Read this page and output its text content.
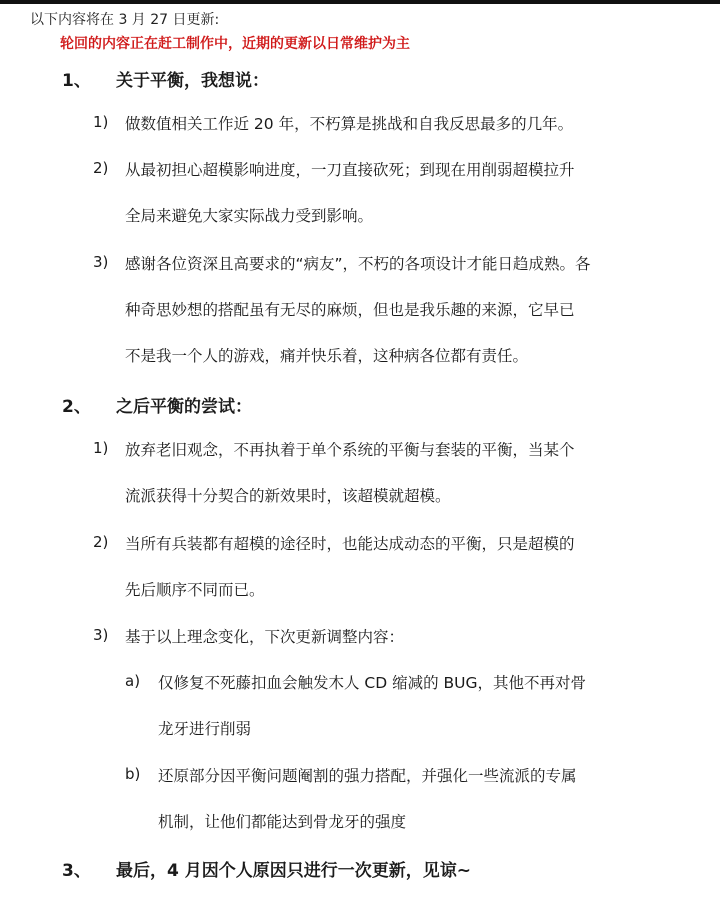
以下内容将在 3 月 27 日更新:
轮回的内容正在赶工制作中，近期的更新以日常维护为主
1、 关于平衡，我想说：
1) 做数值相关工作近 20 年，不朽算是挑战和自我反思最多的几年。
2) 从最初担心超模影响进度，一刀直接砍死；到现在用削弱超模拉升
全局来避免大家实际战力受到影响。
3) 感谢各位资深且高要求的“病友”，不朽的各项设计才能日趋成熟。各
种奇思妙想的搭配虽有无尽的麻烦，但也是我乐趣的来源，它早已
不是我一个人的游戏，痛并快乐着，这种病各位都有责任。
2、 之后平衡的尝试：
1) 放弃老旧观念，不再执着于单个系统的平衡与套装的平衡，当某个
流派获得十分契合的新效果时，该超模就超模。
2) 当所有兵装都有超模的途径时，也能达成动态的平衡，只是超模的
先后顺序不同而已。
3) 基于以上理念变化，下次更新调整内容：
a) 仅修复不死藤扣血会触发木人 CD 缩减的 BUG，其他不再对骨
龙牙进行削弱
b) 还原部分因平衡问题阉割的强力搭配，并强化一些流派的专属
机制，让他们都能达到骨龙牙的强度
3、 最后，4 月因个人原因只进行一次更新，见谅~
